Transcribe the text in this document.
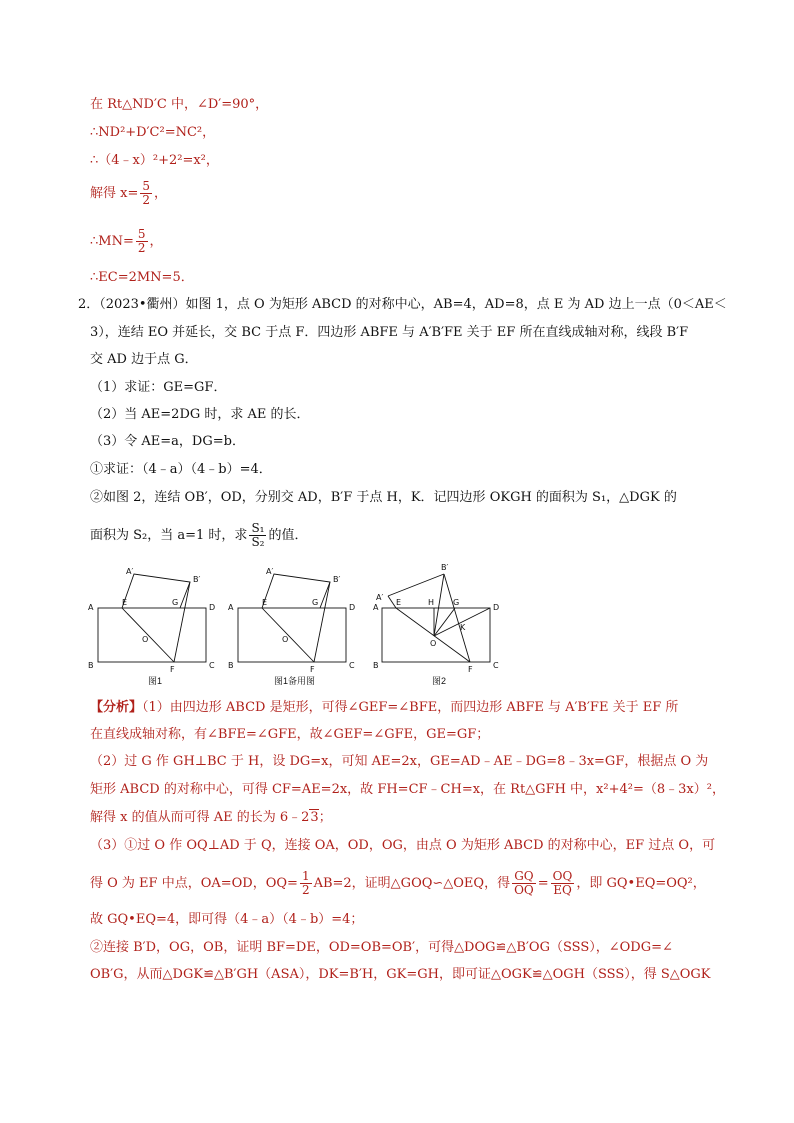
在 Rt△ND′C 中，∠D′=90°，
∴ND²+D′C²=NC²，
∴（4﹣x）²+2²=x²，
解得 $x= \frac{5}{2}$ ，
∴MN= $\frac{5}{2}$ ，
∴EC=2MN=5．
2．（2023•衢州）如图 1，点 O 为矩形 ABCD 的对称中心，AB=4，AD=8，点 E 为 AD 边上一点（0＜AE＜
3），连结 EO 并延长，交 BC 于点 F．四边形 ABFE 与 A′B′FE 关于 EF 所在直线成轴对称，线段 B′F
交 AD 边于点 G．
（1）求证：GE=GF．
（2）当 AE=2DG 时，求 AE 的长．
（3）令 AE=a，DG=b．
①求证：（4﹣a）（4﹣b）=4．
②如图 2，连结 OB′，OD，分别交 AD，B′F 于点 H，K．记四边形 OKGH 的面积为 S₁，△DGK 的
面积为 S₂，当 a=1 时，求 $\frac{\text{S₁}}{\text{S₂}}$ 的值．
A
A′
B′
E	G
D
O
B	F	C
A
A′
B′
E	G
D
O
B	F	C
A′
B′
A
E	H G
D
K
O
B	F	C
图1	图1备用图	图2
【分析】（1）由四边形 ABCD 是矩形，可得∠GEF=∠BFE，而四边形 ABFE 与 A′B′FE 关于 EF 所
在直线成轴对称，有∠BFE=∠GFE，故∠GEF=∠GFE，GE=GF；
（2）过 G 作 GH⊥BC 于 H，设 DG=x，可知 AE=2x，GE=AD﹣AE﹣DG=8﹣3x=GF，根据点 O 为
矩形 ABCD 的对称中心，可得 CF=AE=2x，故 FH=CF﹣CH=x，在 Rt△GFH 中，x²+4²=（8﹣3x）²，
解得 x 的值从而可得 AE 的长为 6﹣23；
（3）①过 O 作 OQ⊥AD 于 Q，连接 OA，OD，OG，由点 O 为矩形 ABCD 的对称中心，EF 过点 O，可
得 O 为 EF 中点，OA=OD，$OQ= \frac{1}{2} AB=2$，证明△GOQ∽△OEQ，得 $\frac{GQ}{OQ} = \frac{OQ}{EQ}$ ，即 GQ•EQ=OQ²，
故 GQ•EQ=4，即可得（4﹣a）（4﹣b）=4；
②连接 B′D，OG，OB，证明 BF=DE，OD=OB=OB′，可得△DOG≌△B′OG（SSS），∠ODG=∠
OB′G，从而△DGK≌△B′GH（ASA），DK=B′H，GK=GH，即可证△OGK≌△OGH（SSS），得 S△OGK
